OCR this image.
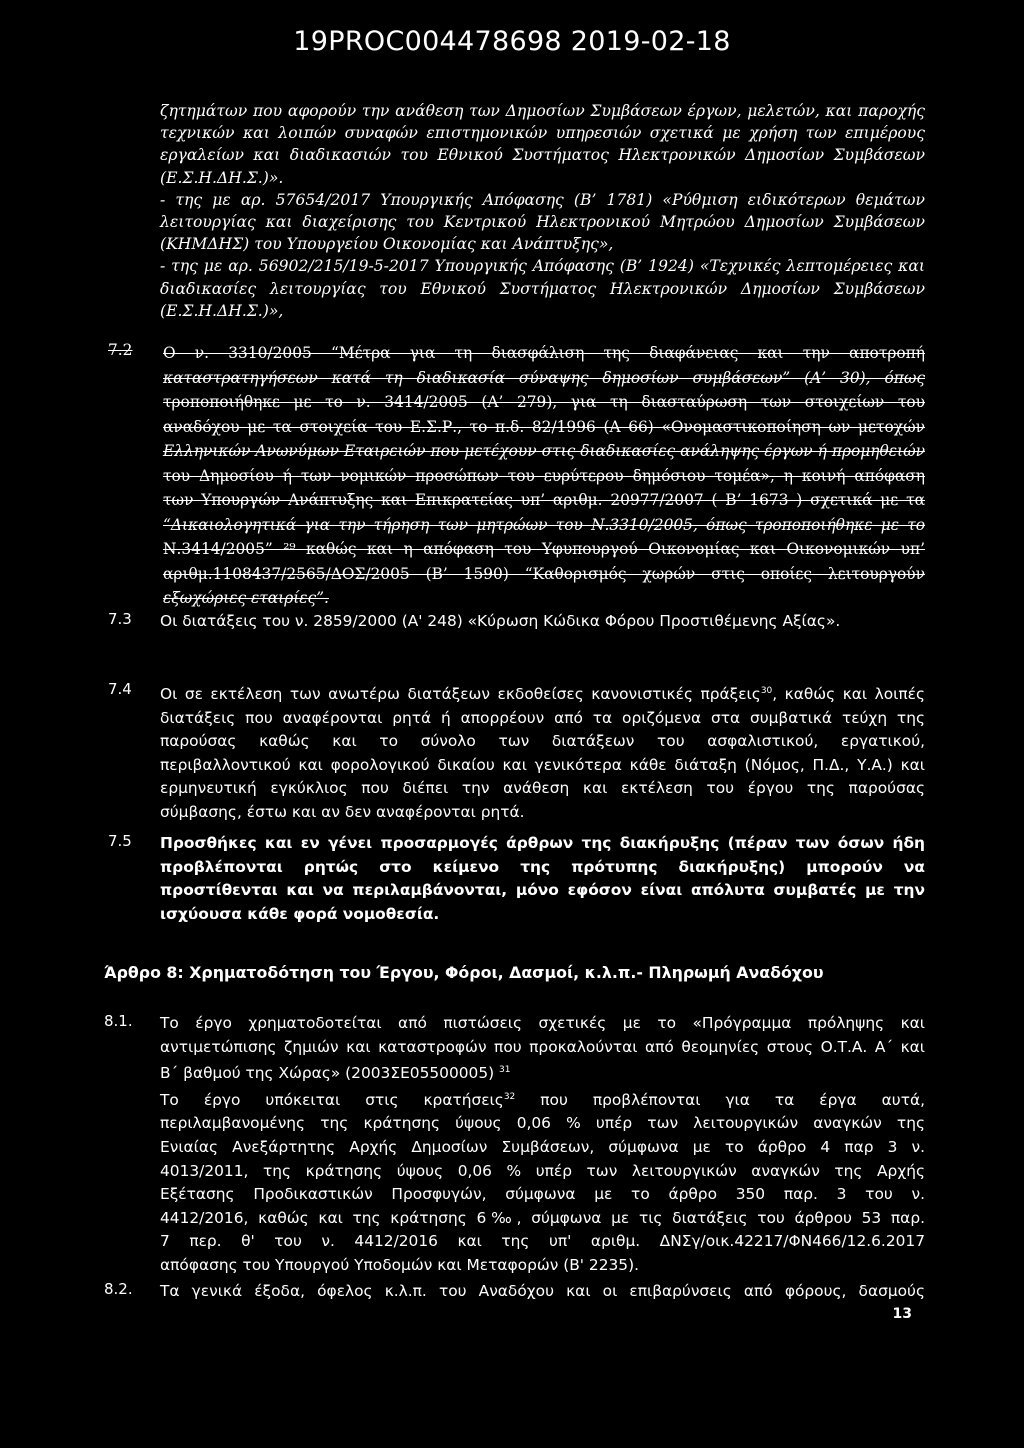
19PROC004478698 2019-02-18
ζητημάτων που αφορούν την ανάθεση των Δημοσίων Συμβάσεων έργων, μελετών, και παροχής
τεχνικών και λοιπών συναφών επιστημονικών υπηρεσιών σχετικά με χρήση των επιμέρους
εργαλείων και διαδικασιών του Εθνικού Συστήματος Ηλεκτρονικών Δημοσίων Συμβάσεων
(Ε.Σ.Η.ΔΗ.Σ.)».
- της με αρ. 57654/2017 Υπουργικής Απόφασης (Β’ 1781) «Ρύθμιση ειδικότερων θεμάτων
λειτουργίας και διαχείρισης του Κεντρικού Ηλεκτρονικού Μητρώου Δημοσίων Συμβάσεων
(ΚΗΜΔΗΣ) του Υπουργείου Οικονομίας και Ανάπτυξης»,
- της με αρ. 56902/215/19-5-2017 Υπουργικής Απόφασης (Β’ 1924) «Τεχνικές λεπτομέρειες και
διαδικασίες λειτουργίας του Εθνικού Συστήματος Ηλεκτρονικών Δημοσίων Συμβάσεων
(Ε.Σ.Η.ΔΗ.Σ.)»,
7.2 Ο ν. 3310/2005 “Μέτρα για τη διασφάλιση της διαφάνειας και την αποτροπή
καταστρατηγήσεων κατά τη διαδικασία σύναψης δημοσίων συμβάσεων” (Α’ 30), όπως
τροποποιήθηκε με το ν. 3414/2005 (Α’ 279), για τη διασταύρωση των στοιχείων του
αναδόχου με τα στοιχεία του Ε.Σ.Ρ., το π.δ. 82/1996 (Α 66) «Ονομαστικοποίηση ων μετοχών
Ελληνικών Ανωνύμων Εταιρειών που μετέχουν στις διαδικασίες ανάληψης έργων ή προμηθειών
του Δημοσίου ή των νομικών προσώπων του ευρύτερου δημόσιου τομέα», η κοινή απόφαση
των Υπουργών Ανάπτυξης και Επικρατείας υπ’ αριθμ. 20977/2007 ( Β’ 1673 ) σχετικά με τα
“Δικαιολογητικά για την τήρηση των μητρώων του Ν.3310/2005, όπως τροποποιήθηκε με το
Ν.3414/2005” ²⁹ καθώς και η απόφαση του Υφυπουργού Οικονομίας και Οικονομικών υπ’
αριθμ.1108437/2565/ΔΟΣ/2005 (Β’ 1590) “Καθορισμός χωρών στις οποίες λειτουργούν
εξωχώριες εταιρίες”.
7.3 Οι διατάξεις του ν. 2859/2000 (Α' 248) «Κύρωση Κώδικα Φόρου Προστιθέμενης Αξίας».
7.4 Οι σε εκτέλεση των ανωτέρω διατάξεων εκδοθείσες κανονιστικές πράξεις$^{30}$, καθώς και λοιπές
διατάξεις που αναφέρονται ρητά ή απορρέουν από τα οριζόμενα στα συμβατικά τεύχη της
παρούσας καθώς και το σύνολο των διατάξεων του ασφαλιστικού, εργατικού,
περιβαλλοντικού και φορολογικού δικαίου και γενικότερα κάθε διάταξη (Νόμος, Π.Δ., Υ.Α.) και
ερμηνευτική εγκύκλιος που διέπει την ανάθεση και εκτέλεση του έργου της παρούσας
σύμβασης, έστω και αν δεν αναφέρονται ρητά.
7.5 Προσθήκες και εν γένει προσαρμογές άρθρων της διακήρυξης (πέραν των όσων ήδη
προβλέπονται ρητώς στο κείμενο της πρότυπης διακήρυξης) μπορούν να
προστίθενται και να περιλαμβάνονται, μόνο εφόσον είναι απόλυτα συμβατές με την
ισχύουσα κάθε φορά νομοθεσία.
Άρθρο 8: Χρηματοδότηση του Έργου, Φόροι, Δασμοί, κ.λ.π.- Πληρωμή Αναδόχου
8.1. Το έργο χρηματοδοτείται από πιστώσεις σχετικές με το «Πρόγραμμα πρόληψης και
αντιμετώπισης ζημιών και καταστροφών που προκαλούνται από θεομηνίες στους Ο.Τ.Α. Α΄ και
Β΄ βαθμού της Χώρας» (2003ΣΕ05500005) $^{31}$
Το έργο υπόκειται στις κρατήσεις$^{32}$ που προβλέπονται για τα έργα αυτά,
περιλαμβανομένης της κράτησης ύψους 0,06 % υπέρ των λειτουργικών αναγκών της
Ενιαίας Ανεξάρτητης Αρχής Δημοσίων Συμβάσεων, σύμφωνα με το άρθρο 4 παρ 3 ν.
4013/2011, της κράτησης ύψους 0,06 % υπέρ των λειτουργικών αναγκών της Αρχής
Εξέτασης Προδικαστικών Προσφυγών, σύμφωνα με το άρθρο 350 παρ. 3 του ν.
4412/2016, καθώς και της κράτησης 6‰, σύμφωνα με τις διατάξεις του άρθρου 53 παρ.
7 περ. θ' του ν. 4412/2016 και της υπ' αριθμ. ΔΝΣγ/οικ.42217/ΦΝ466/12.6.2017
απόφασης του Υπουργού Υποδομών και Μεταφορών (Β' 2235).
8.2. Τα γενικά έξοδα, όφελος κ.λ.π. του Αναδόχου και οι επιβαρύνσεις από φόρους, δασμούς
13
